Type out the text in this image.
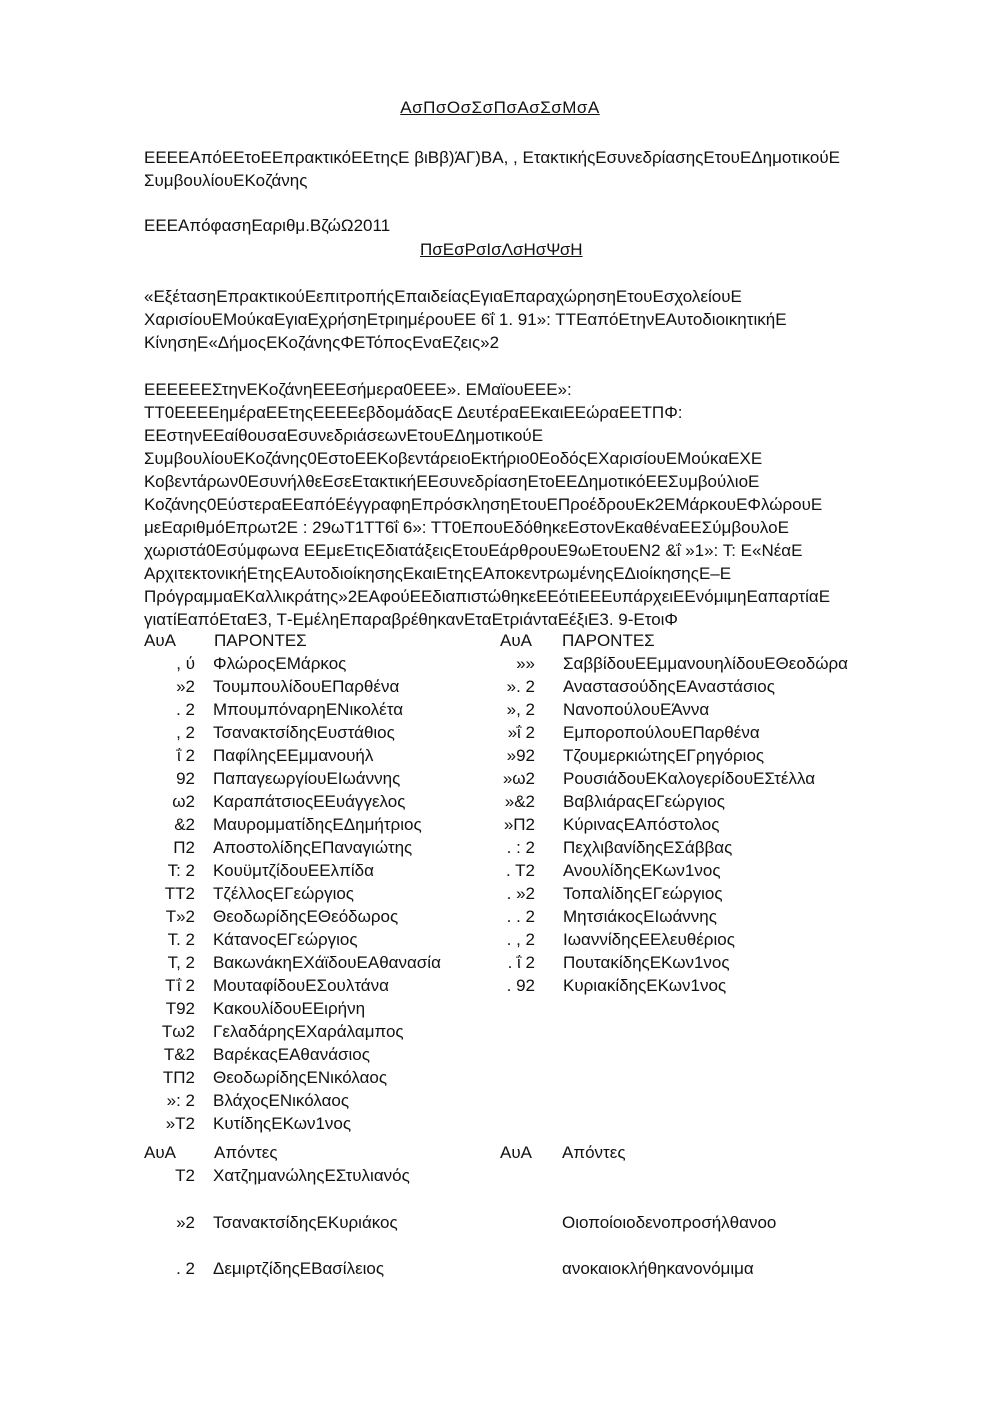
ΑσΠσΟσΣσΠσΑσΣσΜσΑ
ΕΕΕΕΑπόΕΕτοΕΕπρακτικόΕΕτηςΕ βιΒβ)ΆΓ)ΒΑ, , ΕτακτικήςΕσυνεδρίασηςΕτουΕΔημοτικούΕ ΣυμβουλίουΕΚοζάνης
ΕΕΕΑπόφασηΕαριθμ.ΒζώΩ2011
ΠσΕσΡσΙσΛσΗσΨσΗ
«ΕξέτασηΕπρακτικούΕεπιτροπήςΕπαιδείαςΕγιαΕπαραχώρησηΕτουΕσχολείουΕ ΧαρισίουΕΜούκαΕγιαΕχρήσηΕτριημέρουΕΕ 6ΐ 1. 91»: ΤΤΕαπόΕτηνΕΑυτοδιοικητικήΕ ΚίνησηΕ«ΔήμοςΕΚοζάνηςΦΕΤόποςΕναΕζεις»2
ΕΕΕΕΕΕΣτηνΕΚοζάνηΕΕΕσήμερα0ΕΕΕ». ΕΜαϊουΕΕΕ»: ΤΤ0ΕΕΕΕημέραΕΕτηςΕΕΕΕεβδομάδαςΕ ΔευτέραΕΕκαιΕΕώραΕΕΤΠΦ: ΕΕστηνΕΕαίθουσαΕσυνεδριάσεωνΕτουΕΔημοτικούΕ ΣυμβουλίουΕΚοζάνης0ΕστοΕΕΚοβεντάρειοΕκτήριο0ΕοδόςΕΧαρισίουΕΜούκαΕΧΕ Κοβεντάρων0ΕσυνήλθεΕσεΕτακτικήΕΕσυνεδρίασηΕτοΕΕΔημοτικόΕΕΣυμβούλιοΕ Κοζάνης0ΕύστεραΕΕαπόΕέγγραφηΕπρόσκλησηΕτουΕΠροέδρουΕκ2ΕΜάρκουΕΦλώρουΕ μεΕαριθμόΕπρωτ2Ε : 29ωΤ1ΤΤ6ΐ 6»: ΤΤ0ΕπουΕδόθηκεΕστονΕκαθέναΕΕΣύμβουλοΕ χωριστά0Εσύμφωνα ΕΕμεΕτιςΕδιατάξειςΕτουΕάρθρουΕ9ωΕτουΕΝ2 &ΐ »1»: Τ: Ε«ΝέαΕ ΑρχιτεκτονικήΕτηςΕΑυτοδιοίκησηςΕκαιΕτηςΕΑποκεντρωμένηςΕΔιοίκησηςΕ–Ε ΠρόγραμμαΕΚαλλικράτης»2ΕΑφούΕΕδιαπιστώθηκεΕΕότιΕΕΕυπάρχειΕΕνόμιμηΕαπαρτίαΕ γιατίΕαπόΕταΕ3, Τ-ΕμέληΕπαραβρέθηκανΕταΕτριάνταΕέξιΕ3. 9-ΕτοιΦ
ΑυΑ ΠΑΡΟΝΤΕΣ
, ύ ΦλώροςΕΜάρκος
»2 ΤουμπουλίδουΕΠαρθένα
. 2 ΜπουμπόναρηΕΝικολέτα
, 2 ΤσανακτσίδηςΕυστάθιος
ΐ 2 ΠαφίληςΕΕμμανουήλ
92 ΠαπαγεωργίουΕΙωάννης
ω2 ΚαραπάτσιοςΕΕυάγγελος
&2 ΜαυρομματίδηςΕΔημήτριος
Π2 ΑποστολίδηςΕΠαναγιώτης
Τ: 2 ΚουϋμτζίδουΕΕλπίδα
ΤΤ2 ΤζέλλοςΕΓεώργιος
Τ»2 ΘεοδωρίδηςΕΘεόδωρος
Τ. 2 ΚάτανοςΕΓεώργιος
Τ, 2 ΒακωνάκηΕΧάϊδουΕΑθανασία
Τΐ 2 ΜουταφίδουΕΣουλτάνα
Τ92 ΚακουλίδουΕΕιρήνη
Τω2 ΓελαδάρηςΕΧαράλαμπος
Τ&2 ΒαρέκαςΕΑθανάσιος
ΤΠ2 ΘεοδωρίδηςΕΝικόλαος
»: 2 ΒλάχοςΕΝικόλαος
»Τ2 ΚυτίδηςΕΚων1νος
ΑυΑ ΠΑΡΟΝΤΕΣ
»» ΣαββίδουΕΕμμανουηλίδουΕΘεοδώρα
». 2 ΑναστασούδηςΕΑναστάσιος
», 2 ΝανοπούλουΕΆννα
»ΐ 2 ΕμποροπούλουΕΠαρθένα
»92 ΤζουμερκιώτηςΕΓρηγόριος
»ω2 ΡουσιάδουΕΚαλογερίδουΕΣτέλλα
»&2 ΒαβλιάραςΕΓεώργιος
»Π2 ΚύριναςΕΑπόστολος
. : 2 ΠεχλιβανίδηςΕΣάββας
. Τ2 ΑνουλίδηςΕΚων1νος
. »2 ΤοπαλίδηςΕΓεώργιος
. . 2 ΜητσιάκοςΕΙωάννης
. , 2 ΙωαννίδηςΕΕλευθέριος
. ΐ 2 ΠουτακίδηςΕΚων1νος
. 92 ΚυριακίδηςΕΚων1νος
ΑυΑ Απόντες	ΑυΑ Απόντες
Τ2 ΧατζημανώληςΕΣτυλιανός
»2 ΤσανακτσίδηςΕΚυριάκος
. 2 ΔεμιρτζίδηςΕΒασίλειος
Οιοποίοιοδενοπροσήλθανοο
ανοκαιοκλήθηκανονόμιμα
